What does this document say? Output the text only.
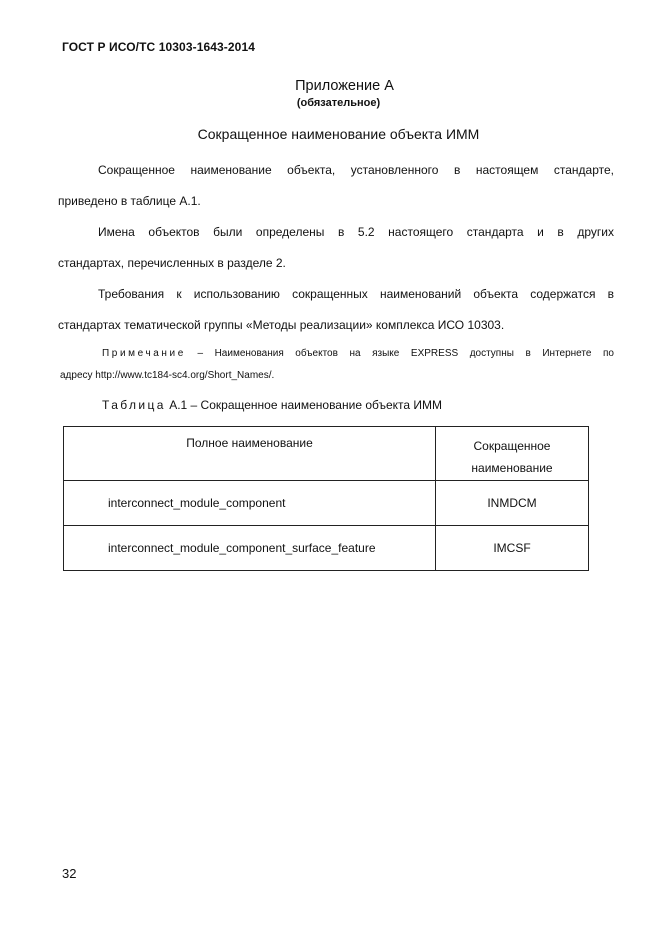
ГОСТ Р ИСО/ТС 10303-1643-2014
Приложение А
(обязательное)
Сокращенное наименование объекта ИММ
Сокращенное наименование объекта, установленного в настоящем стандарте,
приведено в таблице А.1.
Имена объектов были определены в 5.2 настоящего стандарта и в других
стандартах, перечисленных в разделе 2.
Требования к использованию сокращенных наименований объекта содержатся в
стандартах тематической группы «Методы реализации» комплекса ИСО 10303.
Примечание – Наименования объектов на языке EXPRESS доступны в Интернете по
адресу http://www.tc184-sc4.org/Short_Names/.
Таблица А.1 – Сокращенное наименование объекта ИММ
Полное наименование	Сокращенное
наименование

interconnect_module_component	INMDCM
interconnect_module_component_surface_feature	IMCSF
32
